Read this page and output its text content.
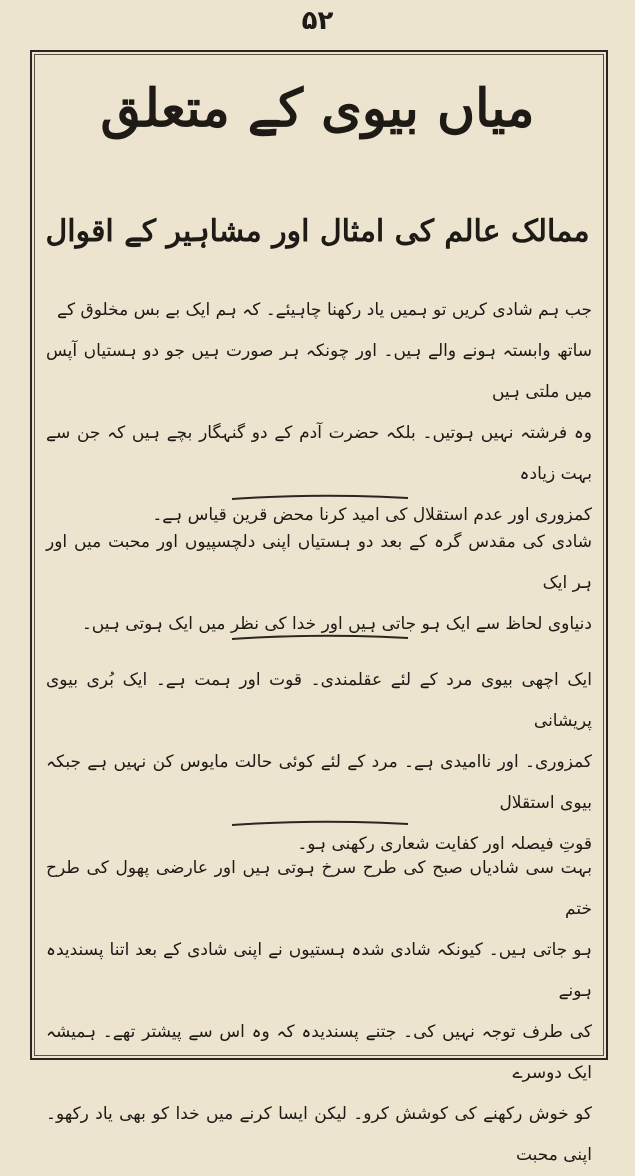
۵۲
میاں بیوی کے متعلق
ممالک عالم کی امثال اور مشاہیر کے اقوال

جب ہم شادی کریں تو ہمیں یاد رکھنا چاہیئے۔ کہ ہم ایک بے بس مخلوق کے

ساتھ وابستہ ہونے والے ہیں۔ اور چونکہ ہر صورت ہیں جو دو ہستیاں آپس میں ملتی ہیں

وہ فرشتہ نہیں ہوتیں۔ بلکہ حضرت آدم کے دو گنہگار بچے ہیں کہ جن سے بہت زیادہ

کمزوری اور عدم استقلال کی امید کرنا محض قرین قیاس ہے۔

شادی کی مقدس گرہ کے بعد دو ہستیاں اپنی دلچسپیوں اور محبت میں اور ہر ایک

دنیاوی لحاظ سے ایک ہو جاتی ہیں اور خدا کی نظر میں ایک ہوتی ہیں۔

ایک اچھی بیوی مرد کے لئے عقلمندی۔ قوت اور ہمت ہے۔ ایک بُری بیوی پریشانی

کمزوری۔ اور ناامیدی ہے۔ مرد کے لئے کوئی حالت مایوس کن نہیں ہے جبکہ بیوی استقلال

قوتِ فیصلہ اور کفایت شعاری رکھنی ہو۔

بہت سی شادیاں صبح کی طرح سرخ ہوتی ہیں اور عارضی پھول کی طرح ختم

ہو جاتی ہیں۔ کیونکہ شادی شدہ ہستیوں نے اپنی شادی کے بعد اتنا پسندیدہ ہونے

کی طرف توجہ نہیں کی۔ جتنے پسندیدہ کہ وہ اس سے پیشتر تھے۔ ہمیشہ ایک دوسرے

کو خوش رکھنے کی کوشش کرو۔ لیکن ایسا کرنے میں خدا کو بھی یاد رکھو۔ اپنی محبت
